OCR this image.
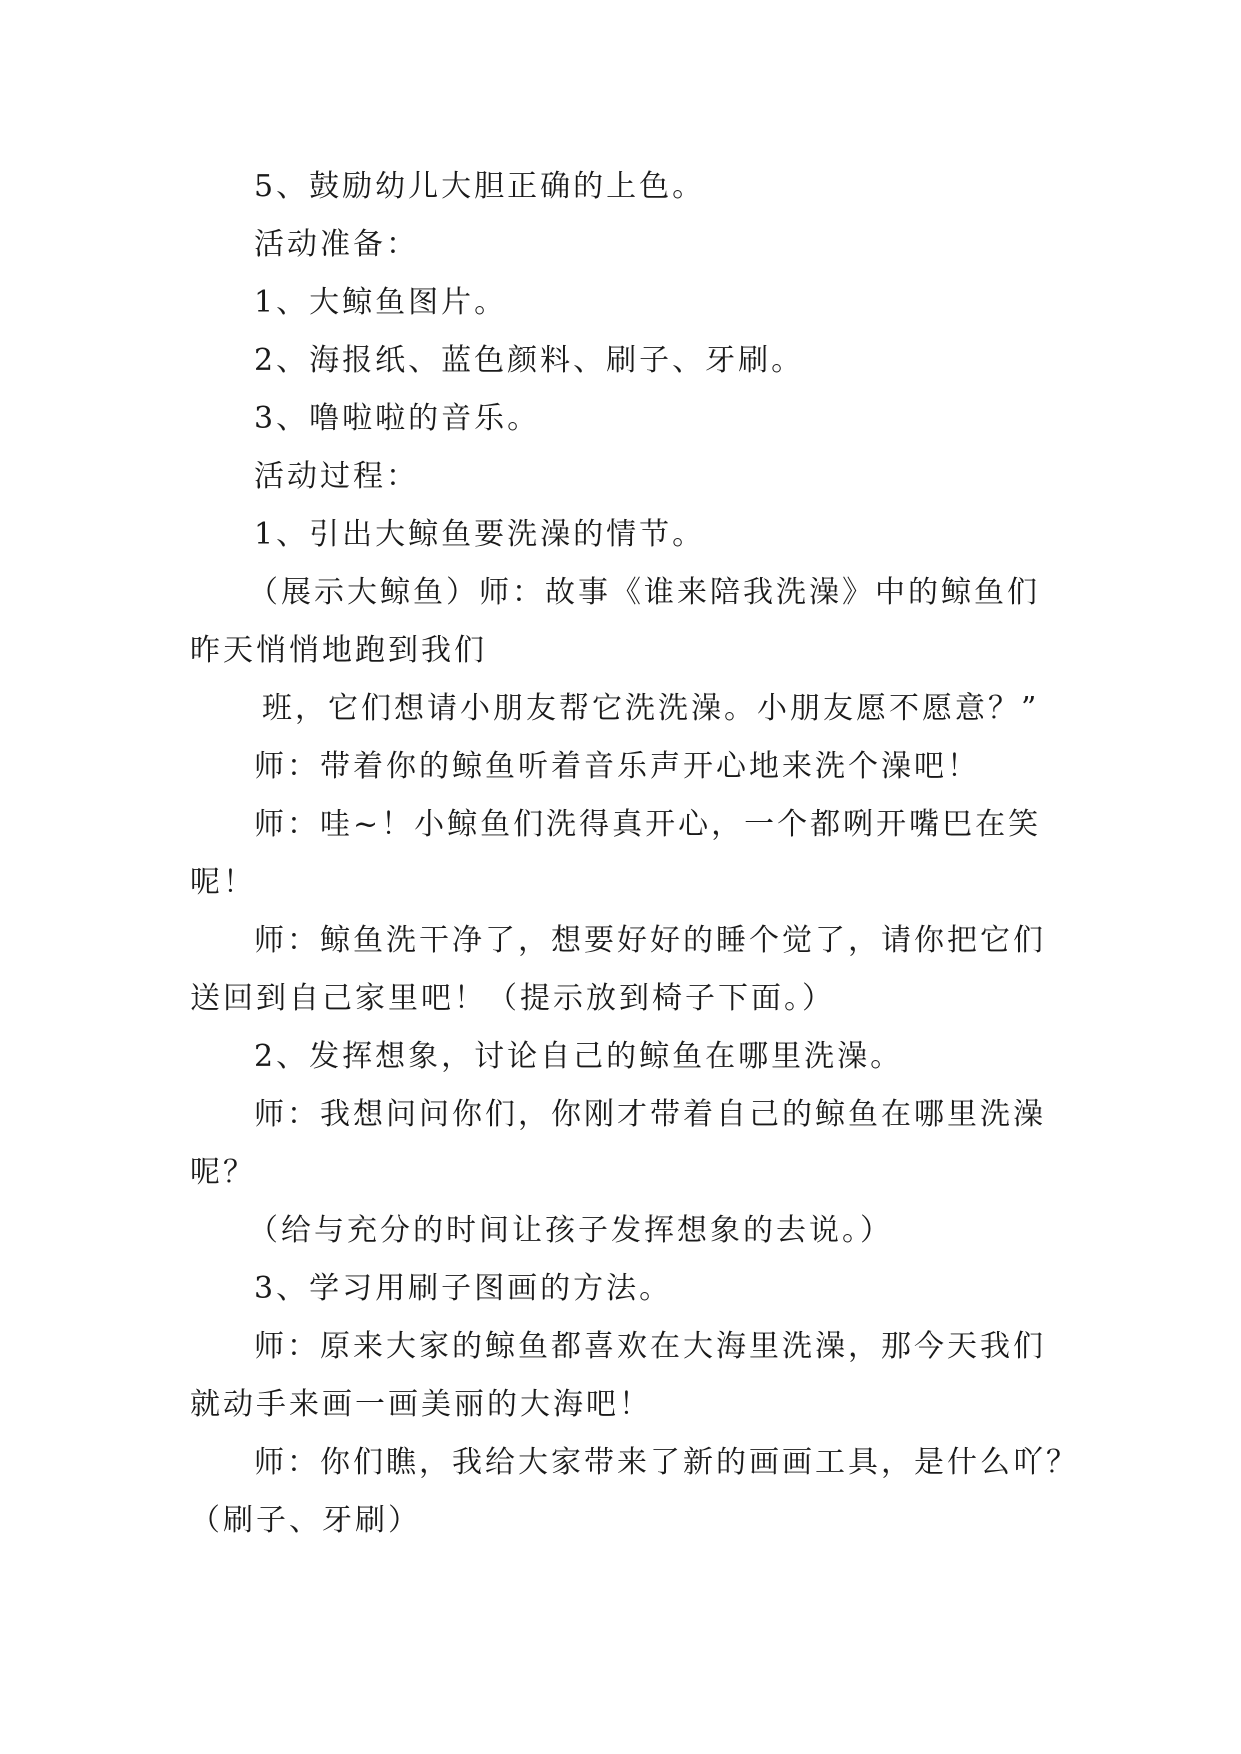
5、鼓励幼儿大胆正确的上色。

活动准备：

1、大鲸鱼图片。

2、海报纸、蓝色颜料、刷子、牙刷。

3、噜啦啦的音乐。

活动过程：

1、引出大鲸鱼要洗澡的情节。

（展示大鲸鱼）师：故事《谁来陪我洗澡》中的鲸鱼们

昨天悄悄地跑到我们

班，它们想请小朋友帮它洗洗澡。小朋友愿不愿意？”

师：带着你的鲸鱼听着音乐声开心地来洗个澡吧！

师：哇~！小鲸鱼们洗得真开心，一个都咧开嘴巴在笑

呢！

师：鲸鱼洗干净了，想要好好的睡个觉了，请你把它们

送回到自己家里吧！（提示放到椅子下面。）

2、发挥想象，讨论自己的鲸鱼在哪里洗澡。

师：我想问问你们，你刚才带着自己的鲸鱼在哪里洗澡

呢？

（给与充分的时间让孩子发挥想象的去说。）

3、学习用刷子图画的方法。

师：原来大家的鲸鱼都喜欢在大海里洗澡，那今天我们

就动手来画一画美丽的大海吧！

师：你们瞧，我给大家带来了新的画画工具，是什么吖？

（刷子、牙刷）
